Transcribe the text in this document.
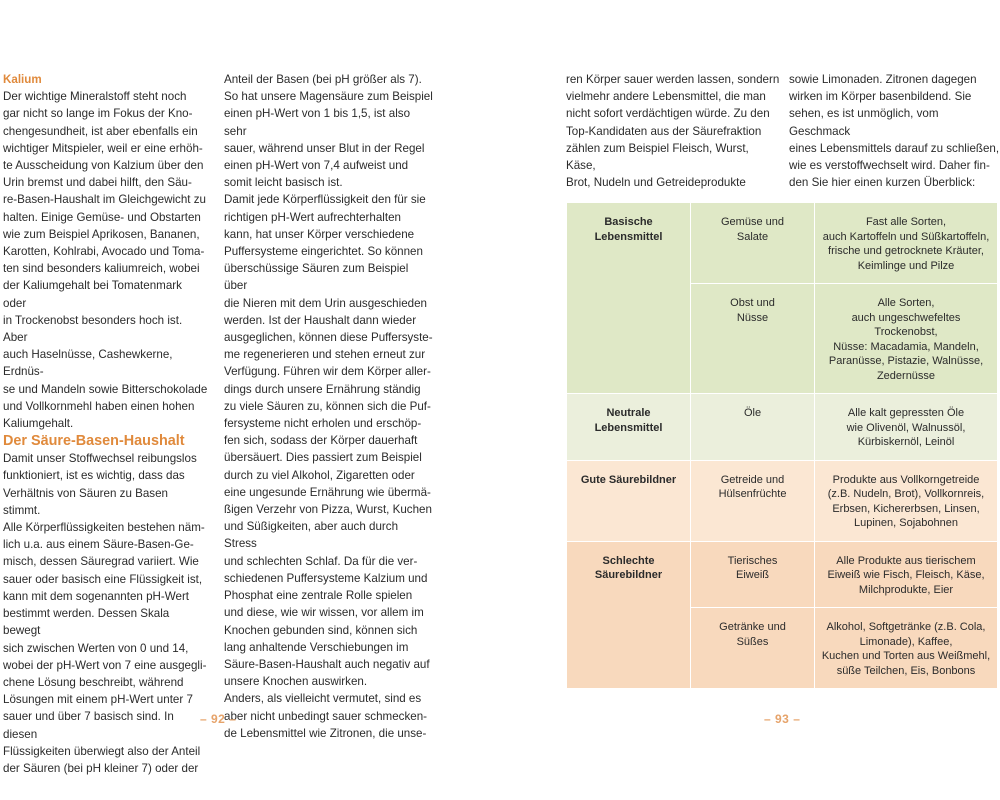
Kalium

Der wichtige Mineralstoff steht noch
gar nicht so lange im Fokus der Kno-
chengesundheit, ist aber ebenfalls ein
wichtiger Mitspieler, weil er eine erhöh-
te Ausscheidung von Kalzium über den
Urin bremst und dabei hilft, den Säu-
re-Basen-Haushalt im Gleichgewicht zu
halten. Einige Gemüse- und Obstarten
wie zum Beispiel Aprikosen, Bananen,
Karotten, Kohlrabi, Avocado und Toma-
ten sind besonders kaliumreich, wobei
der Kaliumgehalt bei Tomatenmark oder
in Trockenobst besonders hoch ist. Aber
auch Haselnüsse, Cashewkerne, Erdnüs-
se und Mandeln sowie Bitterschokolade
und Vollkornmehl haben einen hohen
Kaliumgehalt.

Der Säure-Basen-Haushalt

Damit unser Stoffwechsel reibungslos
funktioniert, ist es wichtig, dass das
Verhältnis von Säuren zu Basen stimmt.
Alle Körperflüssigkeiten bestehen näm-
lich u.a. aus einem Säure-Basen-Ge-
misch, dessen Säuregrad variiert. Wie
sauer oder basisch eine Flüssigkeit ist,
kann mit dem sogenannten pH-Wert
bestimmt werden. Dessen Skala bewegt
sich zwischen Werten von 0 und 14,
wobei der pH-Wert von 7 eine ausgegli-
chene Lösung beschreibt, während
Lösungen mit einem pH-Wert unter 7
sauer und über 7 basisch sind. In diesen
Flüssigkeiten überwiegt also der Anteil
der Säuren (bei pH kleiner 7) oder der

Anteil der Basen (bei pH größer als 7).
So hat unsere Magensäure zum Beispiel
einen pH-Wert von 1 bis 1,5, ist also sehr
sauer, während unser Blut in der Regel
einen pH-Wert von 7,4 aufweist und
somit leicht basisch ist.

Damit jede Körperflüssigkeit den für sie
richtigen pH-Wert aufrechterhalten
kann, hat unser Körper verschiedene
Puffersysteme eingerichtet. So können
überschüssige Säuren zum Beispiel über
die Nieren mit dem Urin ausgeschieden
werden. Ist der Haushalt dann wieder
ausgeglichen, können diese Puffersyste-
me regenerieren und stehen erneut zur
Verfügung. Führen wir dem Körper aller-
dings durch unsere Ernährung ständig
zu viele Säuren zu, können sich die Puf-
fersysteme nicht erholen und erschöp-
fen sich, sodass der Körper dauerhaft
übersäuert. Dies passiert zum Beispiel
durch zu viel Alkohol, Zigaretten oder
eine ungesunde Ernährung wie übermä-
ßigen Verzehr von Pizza, Wurst, Kuchen
und Süßigkeiten, aber auch durch Stress
und schlechten Schlaf. Da für die ver-
schiedenen Puffersysteme Kalzium und
Phosphat eine zentrale Rolle spielen
und diese, wie wir wissen, vor allem im
Knochen gebunden sind, können sich
lang anhaltende Verschiebungen im
Säure-Basen-Haushalt auch negativ auf
unsere Knochen auswirken.

Anders, als vielleicht vermutet, sind es
aber nicht unbedingt sauer schmecken-
de Lebensmittel wie Zitronen, die unse-

– 92 –

ren Körper sauer werden lassen, sondern
vielmehr andere Lebensmittel, die man
nicht sofort verdächtigen würde. Zu den
Top-Kandidaten aus der Säurefraktion
zählen zum Beispiel Fleisch, Wurst, Käse,
Brot, Nudeln und Getreideprodukte

sowie Limonaden. Zitronen dagegen
wirken im Körper basenbildend. Sie
sehen, es ist unmöglich, vom Geschmack
eines Lebensmittels darauf zu schließen,
wie es verstoffwechselt wird. Daher fin-
den Sie hier einen kurzen Überblick:

Basische
Lebensmittel	Gemüse und
Salate	Fast alle Sorten,
auch Kartoffeln und Süßkartoffeln,
frische und getrocknete Kräuter,
Keimlinge und Pilze

	Obst und
Nüsse	Alle Sorten,
auch ungeschwefeltes Trockenobst,
Nüsse: Macadamia, Mandeln,
Paranüsse, Pistazie, Walnüsse,
Zedernüsse

Neutrale
Lebensmittel	Öle	Alle kalt gepressten Öle
wie Olivenöl, Walnussöl,
Kürbiskernöl, Leinöl

Gute Säurebildner	Getreide und
Hülsenfrüchte	Produkte aus Vollkorngetreide
(z.B. Nudeln, Brot), Vollkornreis,
Erbsen, Kichererbsen, Linsen,
Lupinen, Sojabohnen

Schlechte
Säurebildner	Tierisches
Eiweiß	Alle Produkte aus tierischem
Eiweiß wie Fisch, Fleisch, Käse,
Milchprodukte, Eier

	Getränke und
Süßes	Alkohol, Softgetränke (z.B. Cola,
Limonade), Kaffee,
Kuchen und Torten aus Weißmehl,
süße Teilchen, Eis, Bonbons
– 93 –
